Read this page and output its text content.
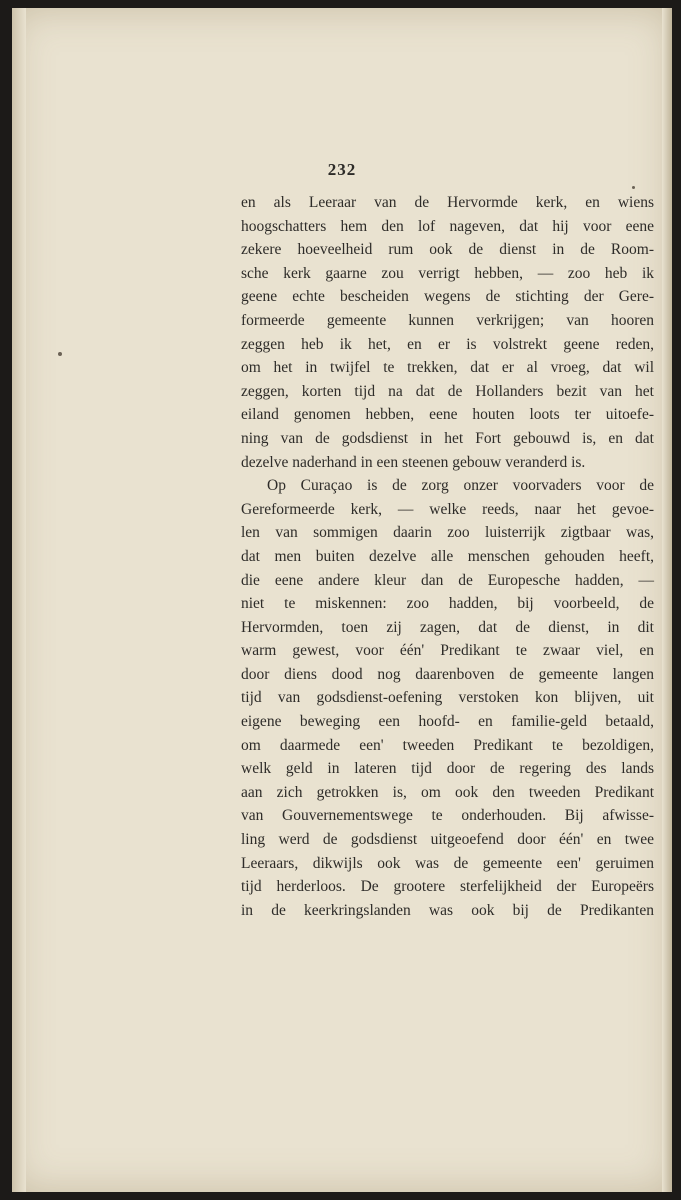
232
en als Leeraar van de Hervormde kerk, en wiens
hoogschatters hem den lof nageven, dat hij voor eene
zekere hoeveelheid rum ook de dienst in de Room-
sche kerk gaarne zou verrigt hebben, — zoo heb ik
geene echte bescheiden wegens de stichting der Gere-
formeerde gemeente kunnen verkrijgen; van hooren
zeggen heb ik het, en er is volstrekt geene reden,
om het in twijfel te trekken, dat er al vroeg, dat wil
zeggen, korten tijd na dat de Hollanders bezit van het
eiland genomen hebben, eene houten loots ter uitoefe-
ning van de godsdienst in het Fort gebouwd is, en dat
dezelve naderhand in een steenen gebouw veranderd is.
Op Curaçao is de zorg onzer voorvaders voor de
Gereformeerde kerk, — welke reeds, naar het gevoe-
len van sommigen daarin zoo luisterrijk zigtbaar was,
dat men buiten dezelve alle menschen gehouden heeft,
die eene andere kleur dan de Europesche hadden, —
niet te miskennen: zoo hadden, bij voorbeeld, de
Hervormden, toen zij zagen, dat de dienst, in dit
warm gewest, voor één' Predikant te zwaar viel, en
door diens dood nog daarenboven de gemeente langen
tijd van godsdienst-oefening verstoken kon blijven, uit
eigene beweging een hoofd- en familie-geld betaald,
om daarmede een' tweeden Predikant te bezoldigen,
welk geld in lateren tijd door de regering des lands
aan zich getrokken is, om ook den tweeden Predikant
van Gouvernementswege te onderhouden. Bij afwisse-
ling werd de godsdienst uitgeoefend door één' en twee
Leeraars, dikwijls ook was de gemeente een' geruimen
tijd herderloos. De grootere sterfelijkheid der Europeërs
in de keerkringslanden was ook bij de Predikanten
